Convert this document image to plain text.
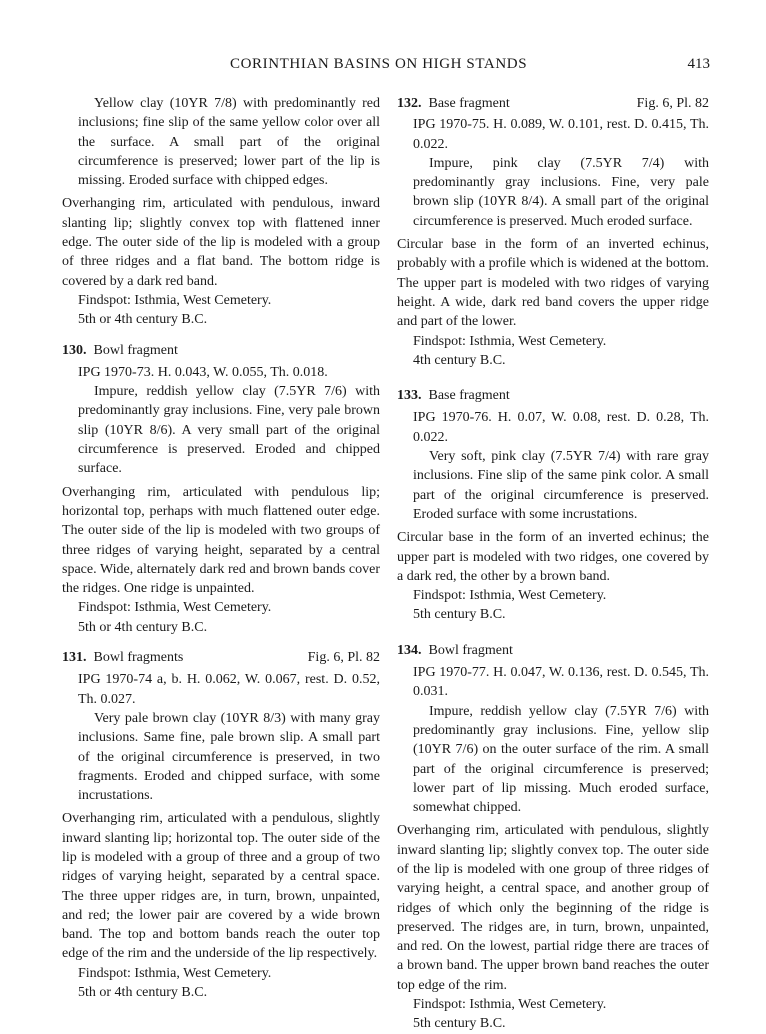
CORINTHIAN BASINS ON HIGH STANDS	413

Yellow clay (10YR 7/8) with predominantly red inclusions; fine slip of the same yellow color over all the surface. A small part of the original circumference is preserved; lower part of the lip is missing. Eroded surface with chipped edges.

Overhanging rim, articulated with pendulous, inward slanting lip; slightly convex top with flattened inner edge. The outer side of the lip is modeled with a group of three ridges and a flat band. The bottom ridge is covered by a dark red band.

Findspot: Isthmia, West Cemetery.

5th or 4th century B.C.

130. Bowl fragment

IPG 1970-73. H. 0.043, W. 0.055, Th. 0.018.

Impure, reddish yellow clay (7.5YR 7/6) with predominantly gray inclusions. Fine, very pale brown slip (10YR 8/6). A very small part of the original circumference is preserved. Eroded and chipped surface.

Overhanging rim, articulated with pendulous lip; horizontal top, perhaps with much flattened outer edge. The outer side of the lip is modeled with two groups of three ridges of varying height, separated by a central space. Wide, alternately dark red and brown bands cover the ridges. One ridge is unpainted.

Findspot: Isthmia, West Cemetery.

5th or 4th century B.C.

131. Bowl fragments	Fig. 6, Pl. 82

IPG 1970-74 a, b. H. 0.062, W. 0.067, rest. D. 0.52, Th. 0.027.

Very pale brown clay (10YR 8/3) with many gray inclusions. Same fine, pale brown slip. A small part of the original circumference is preserved, in two fragments. Eroded and chipped surface, with some incrustations.

Overhanging rim, articulated with a pendulous, slightly inward slanting lip; horizontal top. The outer side of the lip is modeled with a group of three and a group of two ridges of varying height, separated by a central space. The three upper ridges are, in turn, brown, unpainted, and red; the lower pair are covered by a wide brown band. The top and bottom bands reach the outer top edge of the rim and the underside of the lip respectively.

Findspot: Isthmia, West Cemetery.

5th or 4th century B.C.

132. Base fragment	Fig. 6, Pl. 82

IPG 1970-75. H. 0.089, W. 0.101, rest. D. 0.415, Th. 0.022.

Impure, pink clay (7.5YR 7/4) with predominantly gray inclusions. Fine, very pale brown slip (10YR 8/4). A small part of the original circumference is preserved. Much eroded surface.

Circular base in the form of an inverted echinus, probably with a profile which is widened at the bottom. The upper part is modeled with two ridges of varying height. A wide, dark red band covers the upper ridge and part of the lower.

Findspot: Isthmia, West Cemetery.

4th century B.C.

133. Base fragment

IPG 1970-76. H. 0.07, W. 0.08, rest. D. 0.28, Th. 0.022.

Very soft, pink clay (7.5YR 7/4) with rare gray inclusions. Fine slip of the same pink color. A small part of the original circumference is preserved. Eroded surface with some incrustations.

Circular base in the form of an inverted echinus; the upper part is modeled with two ridges, one covered by a dark red, the other by a brown band.

Findspot: Isthmia, West Cemetery.

5th century B.C.

134. Bowl fragment

IPG 1970-77. H. 0.047, W. 0.136, rest. D. 0.545, Th. 0.031.

Impure, reddish yellow clay (7.5YR 7/6) with predominantly gray inclusions. Fine, yellow slip (10YR 7/6) on the outer surface of the rim. A small part of the original circumference is preserved; lower part of lip missing. Much eroded surface, somewhat chipped.

Overhanging rim, articulated with pendulous, slightly inward slanting lip; slightly convex top. The outer side of the lip is modeled with one group of three ridges of varying height, a central space, and another group of ridges of which only the beginning of the ridge is preserved. The ridges are, in turn, brown, unpainted, and red. On the lowest, partial ridge there are traces of a brown band. The upper brown band reaches the outer top edge of the rim.

Findspot: Isthmia, West Cemetery.

5th century B.C.
